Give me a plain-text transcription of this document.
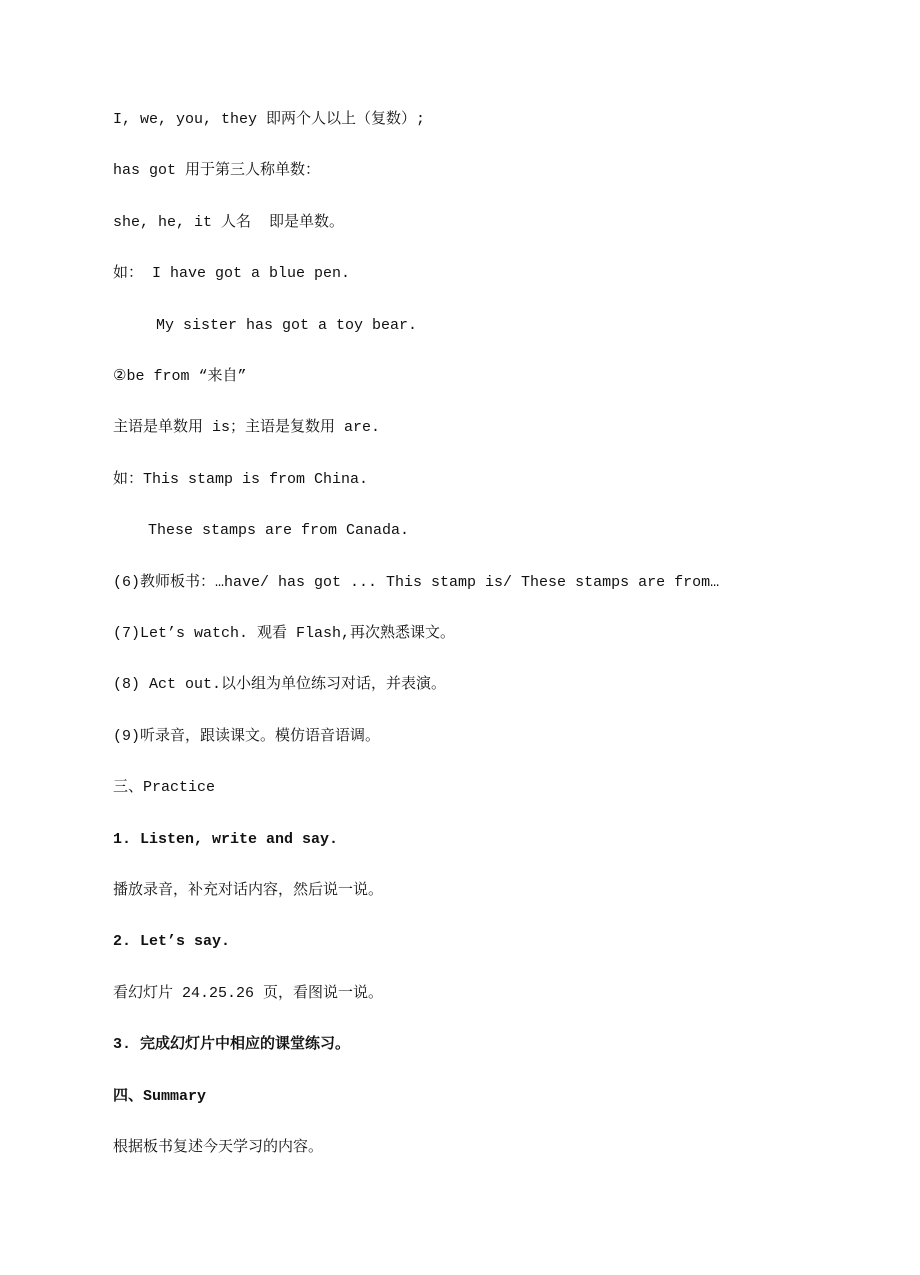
I, we, you, they 即两个人以上（复数）;
has got 用于第三人称单数：
she, he, it 人名  即是单数。
如： I have got a blue pen.
My sister has got a toy bear.
②be from “来自”
主语是单数用 is；主语是复数用 are.
如：This stamp is from China.
These stamps are from Canada.
(6)教师板书：…have/ has got ... This stamp is/ These stamps are from…
(7)Let’s watch. 观看 Flash,再次熟悉课文。
(8) Act out.以小组为单位练习对话，并表演。
(9)听录音，跟读课文。模仿语音语调。
三、Practice
1. Listen, write and say.
播放录音，补充对话内容，然后说一说。
2. Let’s say.
看幻灯片 24.25.26 页，看图说一说。
3. 完成幻灯片中相应的课堂练习。
四、Summary
根据板书复述今天学习的内容。
